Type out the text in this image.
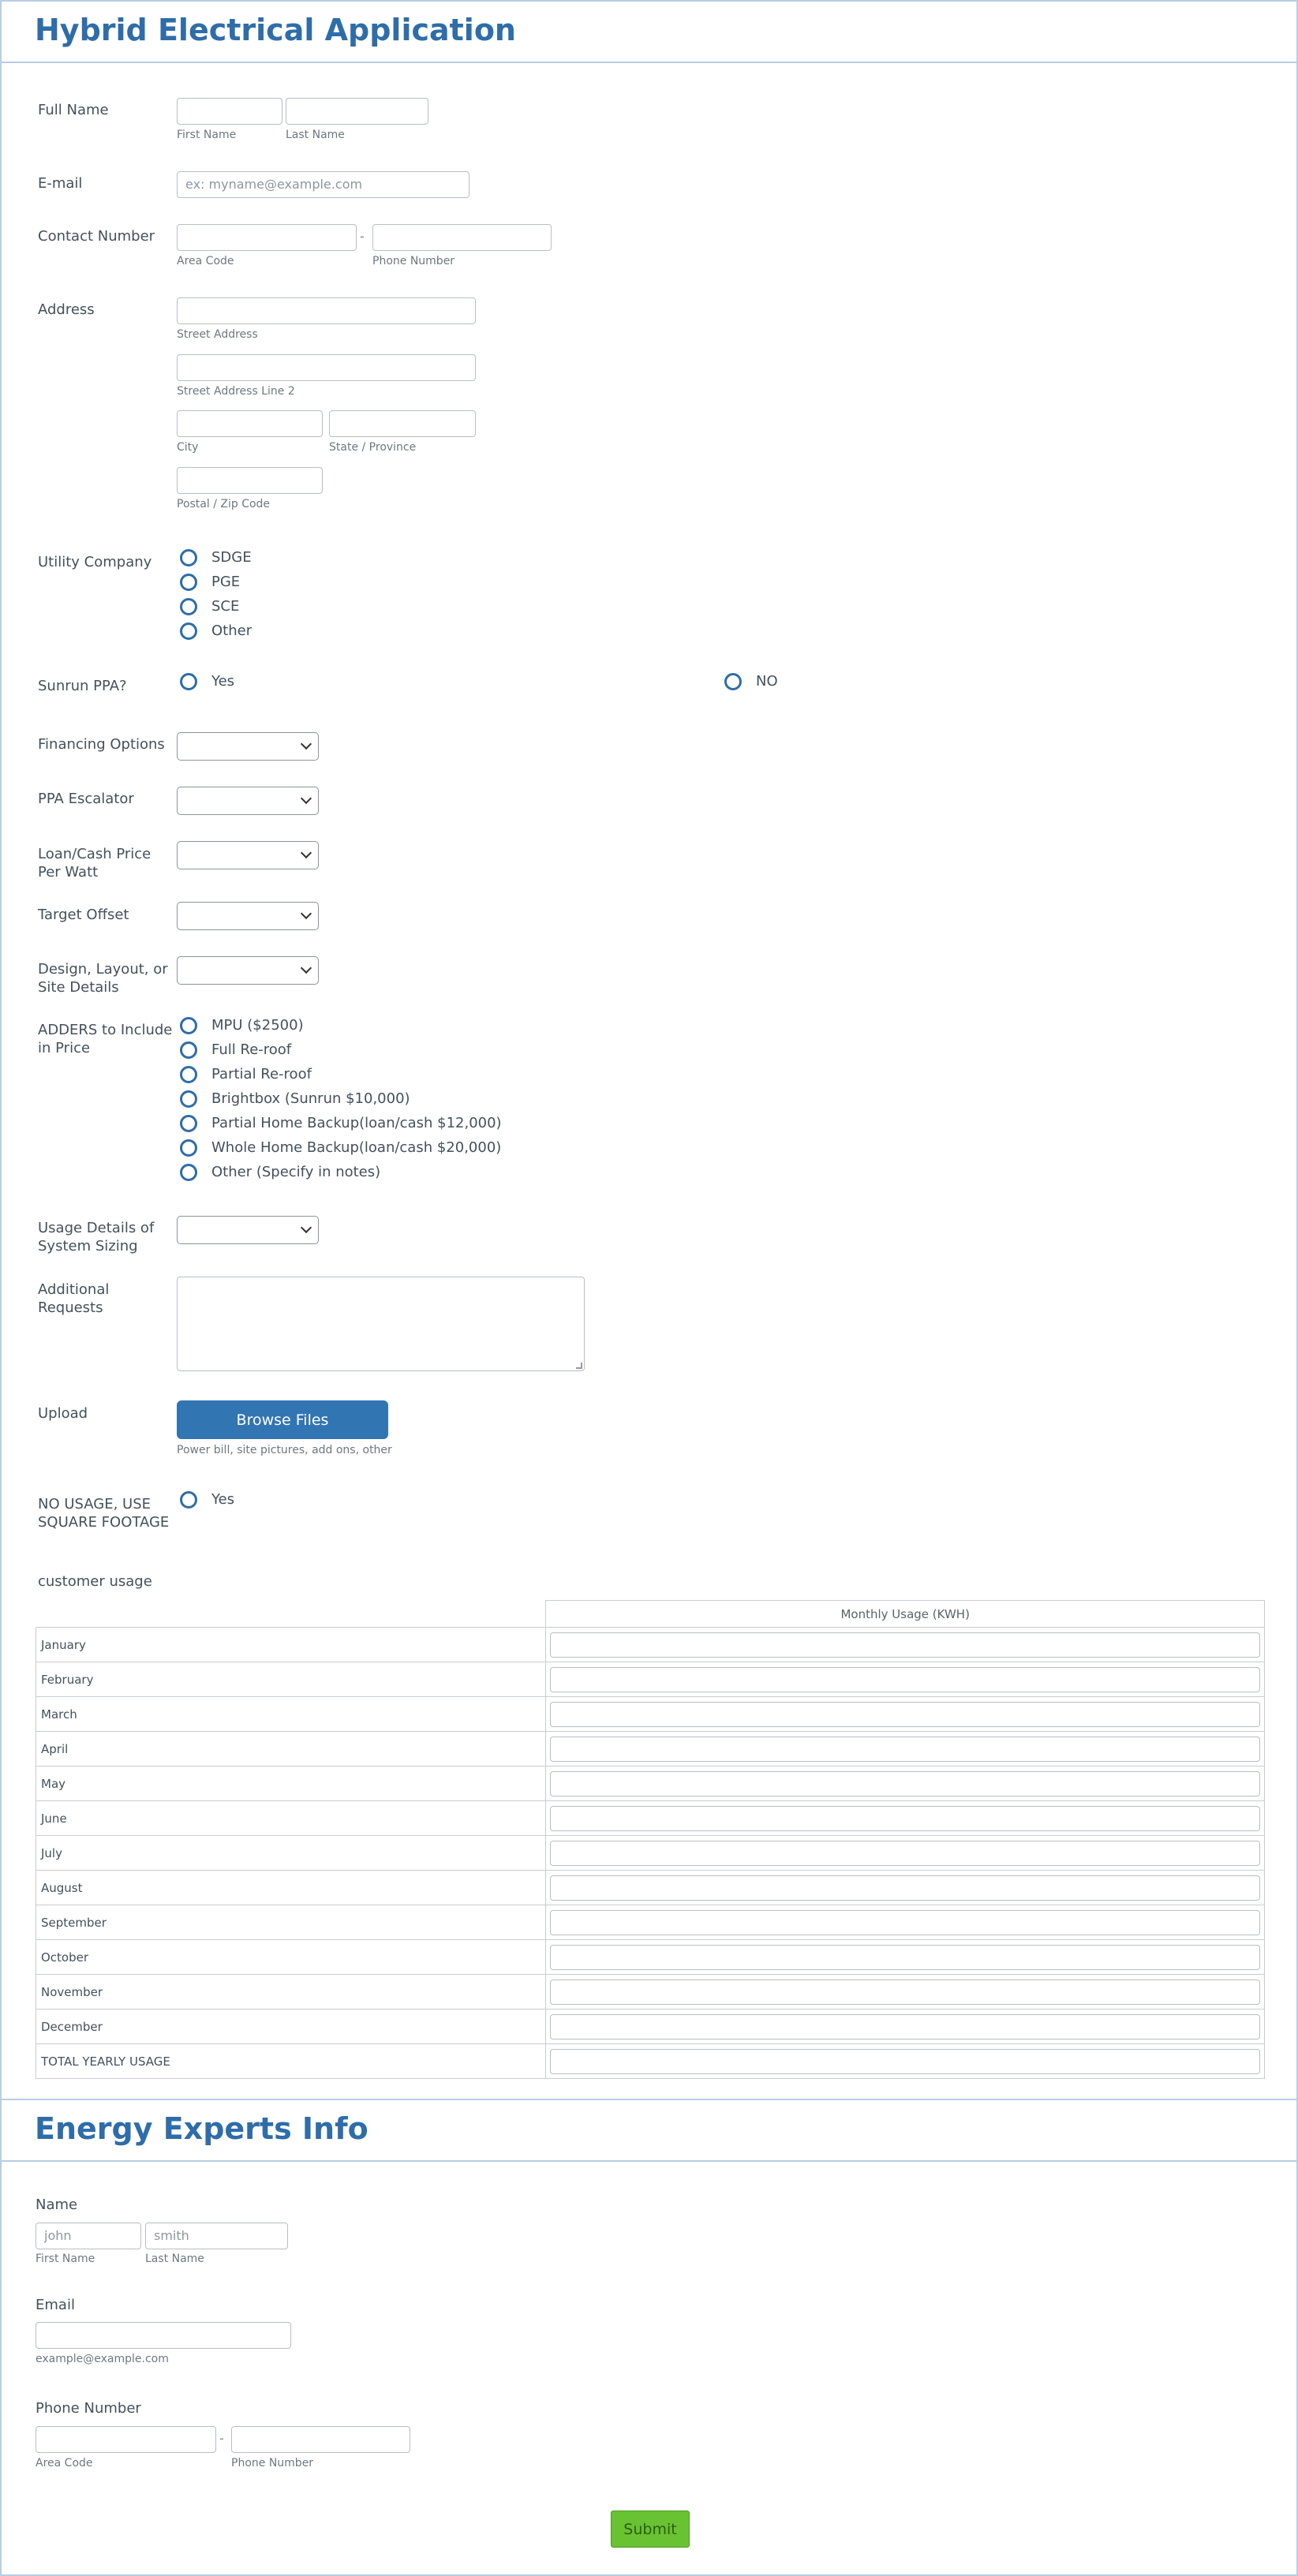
Hybrid Electrical Application
Full Name
First Name	Last Name
E-mail	ex: myname@example.com
Contact Number	-
Area Code	Phone Number
Address
Street Address
Street Address Line 2
City	State / Province
Postal / Zip Code
Utility Company	SDGE
PGE
SCE
Other
Sunrun PPA?	Yes	NO
Financing Options
PPA Escalator
Loan/Cash Price Per Watt
Target Offset
Design, Layout, or Site Details
ADDERS to Include in Price
MPU ($2500)
Full Re-roof
Partial Re-roof
Brightbox (Sunrun $10,000)
Partial Home Backup(loan/cash $12,000)
Whole Home Backup(loan/cash $20,000)
Other (Specify in notes)
Usage Details of System Sizing
Additional Requests
Upload	Browse Files
Power bill, site pictures, add ons, other
NO USAGE, USE SQUARE FOOTAGE
Yes
customer usage
	Monthly Usage (KWH)
January	

February	

March	

April	

May	

June	

July	

August	

September	

October	

November	

December	

TOTAL YEARLY USAGE	
Energy Experts Info
Name
john	smith
First Name	Last Name
Email
example@example.com
Phone Number
-
Area Code	Phone Number
Submit
